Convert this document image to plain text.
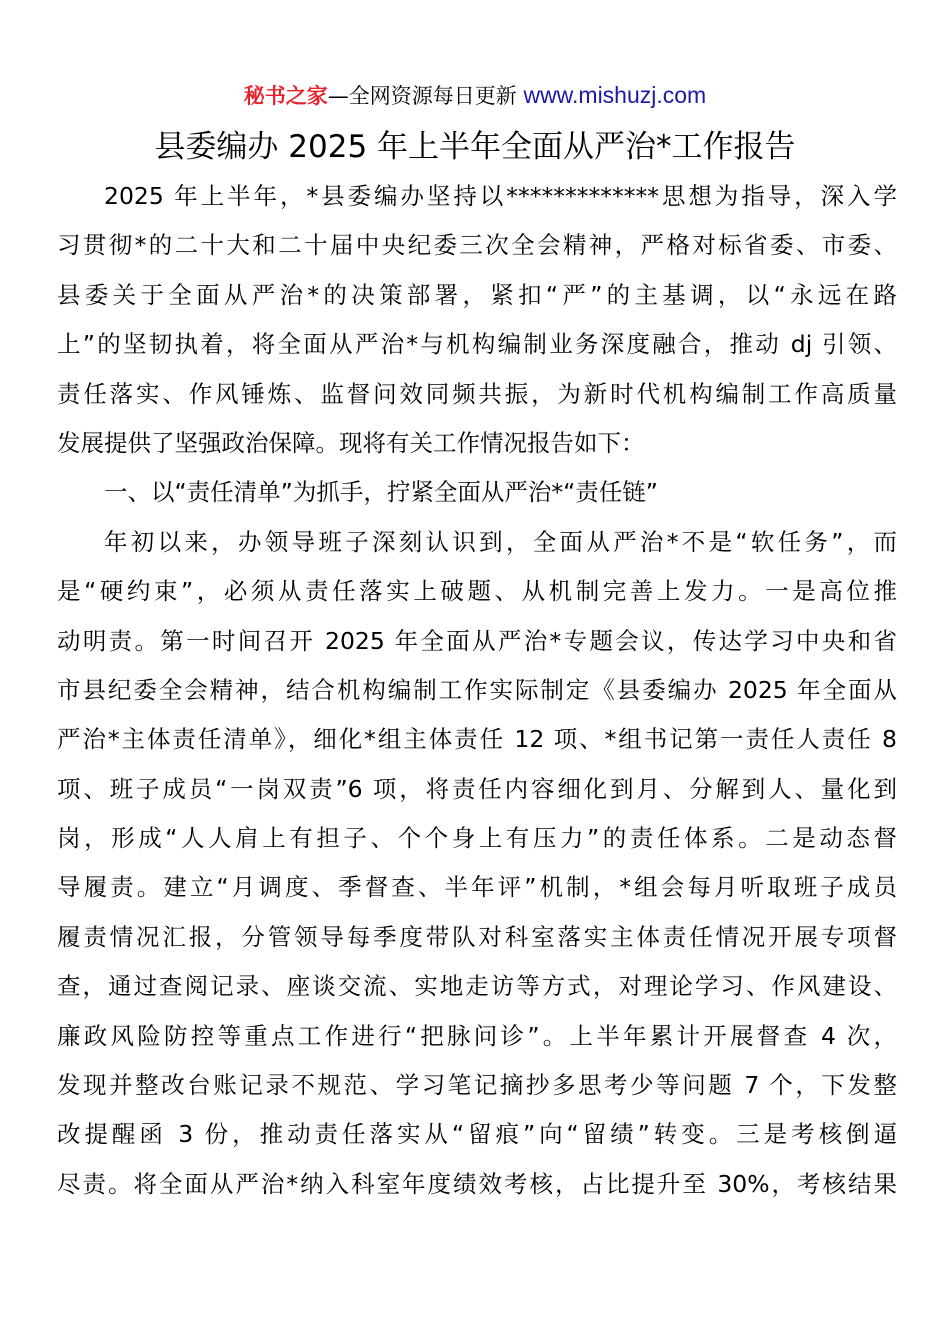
秘书之家—全网资源每日更新 www.mishuzj.com
县委编办 2025 年上半年全面从严治*工作报告
2025 年上半年，*县委编办坚持以*************思想为指导，深入学
习贯彻*的二十大和二十届中央纪委三次全会精神，严格对标省委、市委、
县委关于全面从严治*的决策部署，紧扣“严”的主基调，以“永远在路
上”的坚韧执着，将全面从严治*与机构编制业务深度融合，推动 dj 引领、
责任落实、作风锤炼、监督问效同频共振，为新时代机构编制工作高质量
发展提供了坚强政治保障。现将有关工作情况报告如下：
一、以“责任清单”为抓手，拧紧全面从严治*“责任链”
年初以来，办领导班子深刻认识到，全面从严治*不是“软任务”，而
是“硬约束”，必须从责任落实上破题、从机制完善上发力。一是高位推
动明责。第一时间召开 2025 年全面从严治*专题会议，传达学习中央和省
市县纪委全会精神，结合机构编制工作实际制定《县委编办 2025 年全面从
严治*主体责任清单》，细化*组主体责任 12 项、*组书记第一责任人责任 8
项、班子成员“一岗双责”6 项，将责任内容细化到月、分解到人、量化到
岗，形成“人人肩上有担子、个个身上有压力”的责任体系。二是动态督
导履责。建立“月调度、季督查、半年评”机制，*组会每月听取班子成员
履责情况汇报，分管领导每季度带队对科室落实主体责任情况开展专项督
查，通过查阅记录、座谈交流、实地走访等方式，对理论学习、作风建设、
廉政风险防控等重点工作进行“把脉问诊”。上半年累计开展督查 4 次，
发现并整改台账记录不规范、学习笔记摘抄多思考少等问题 7 个，下发整
改提醒函 3 份，推动责任落实从“留痕”向“留绩”转变。三是考核倒逼
尽责。将全面从严治*纳入科室年度绩效考核，占比提升至 30%，考核结果
